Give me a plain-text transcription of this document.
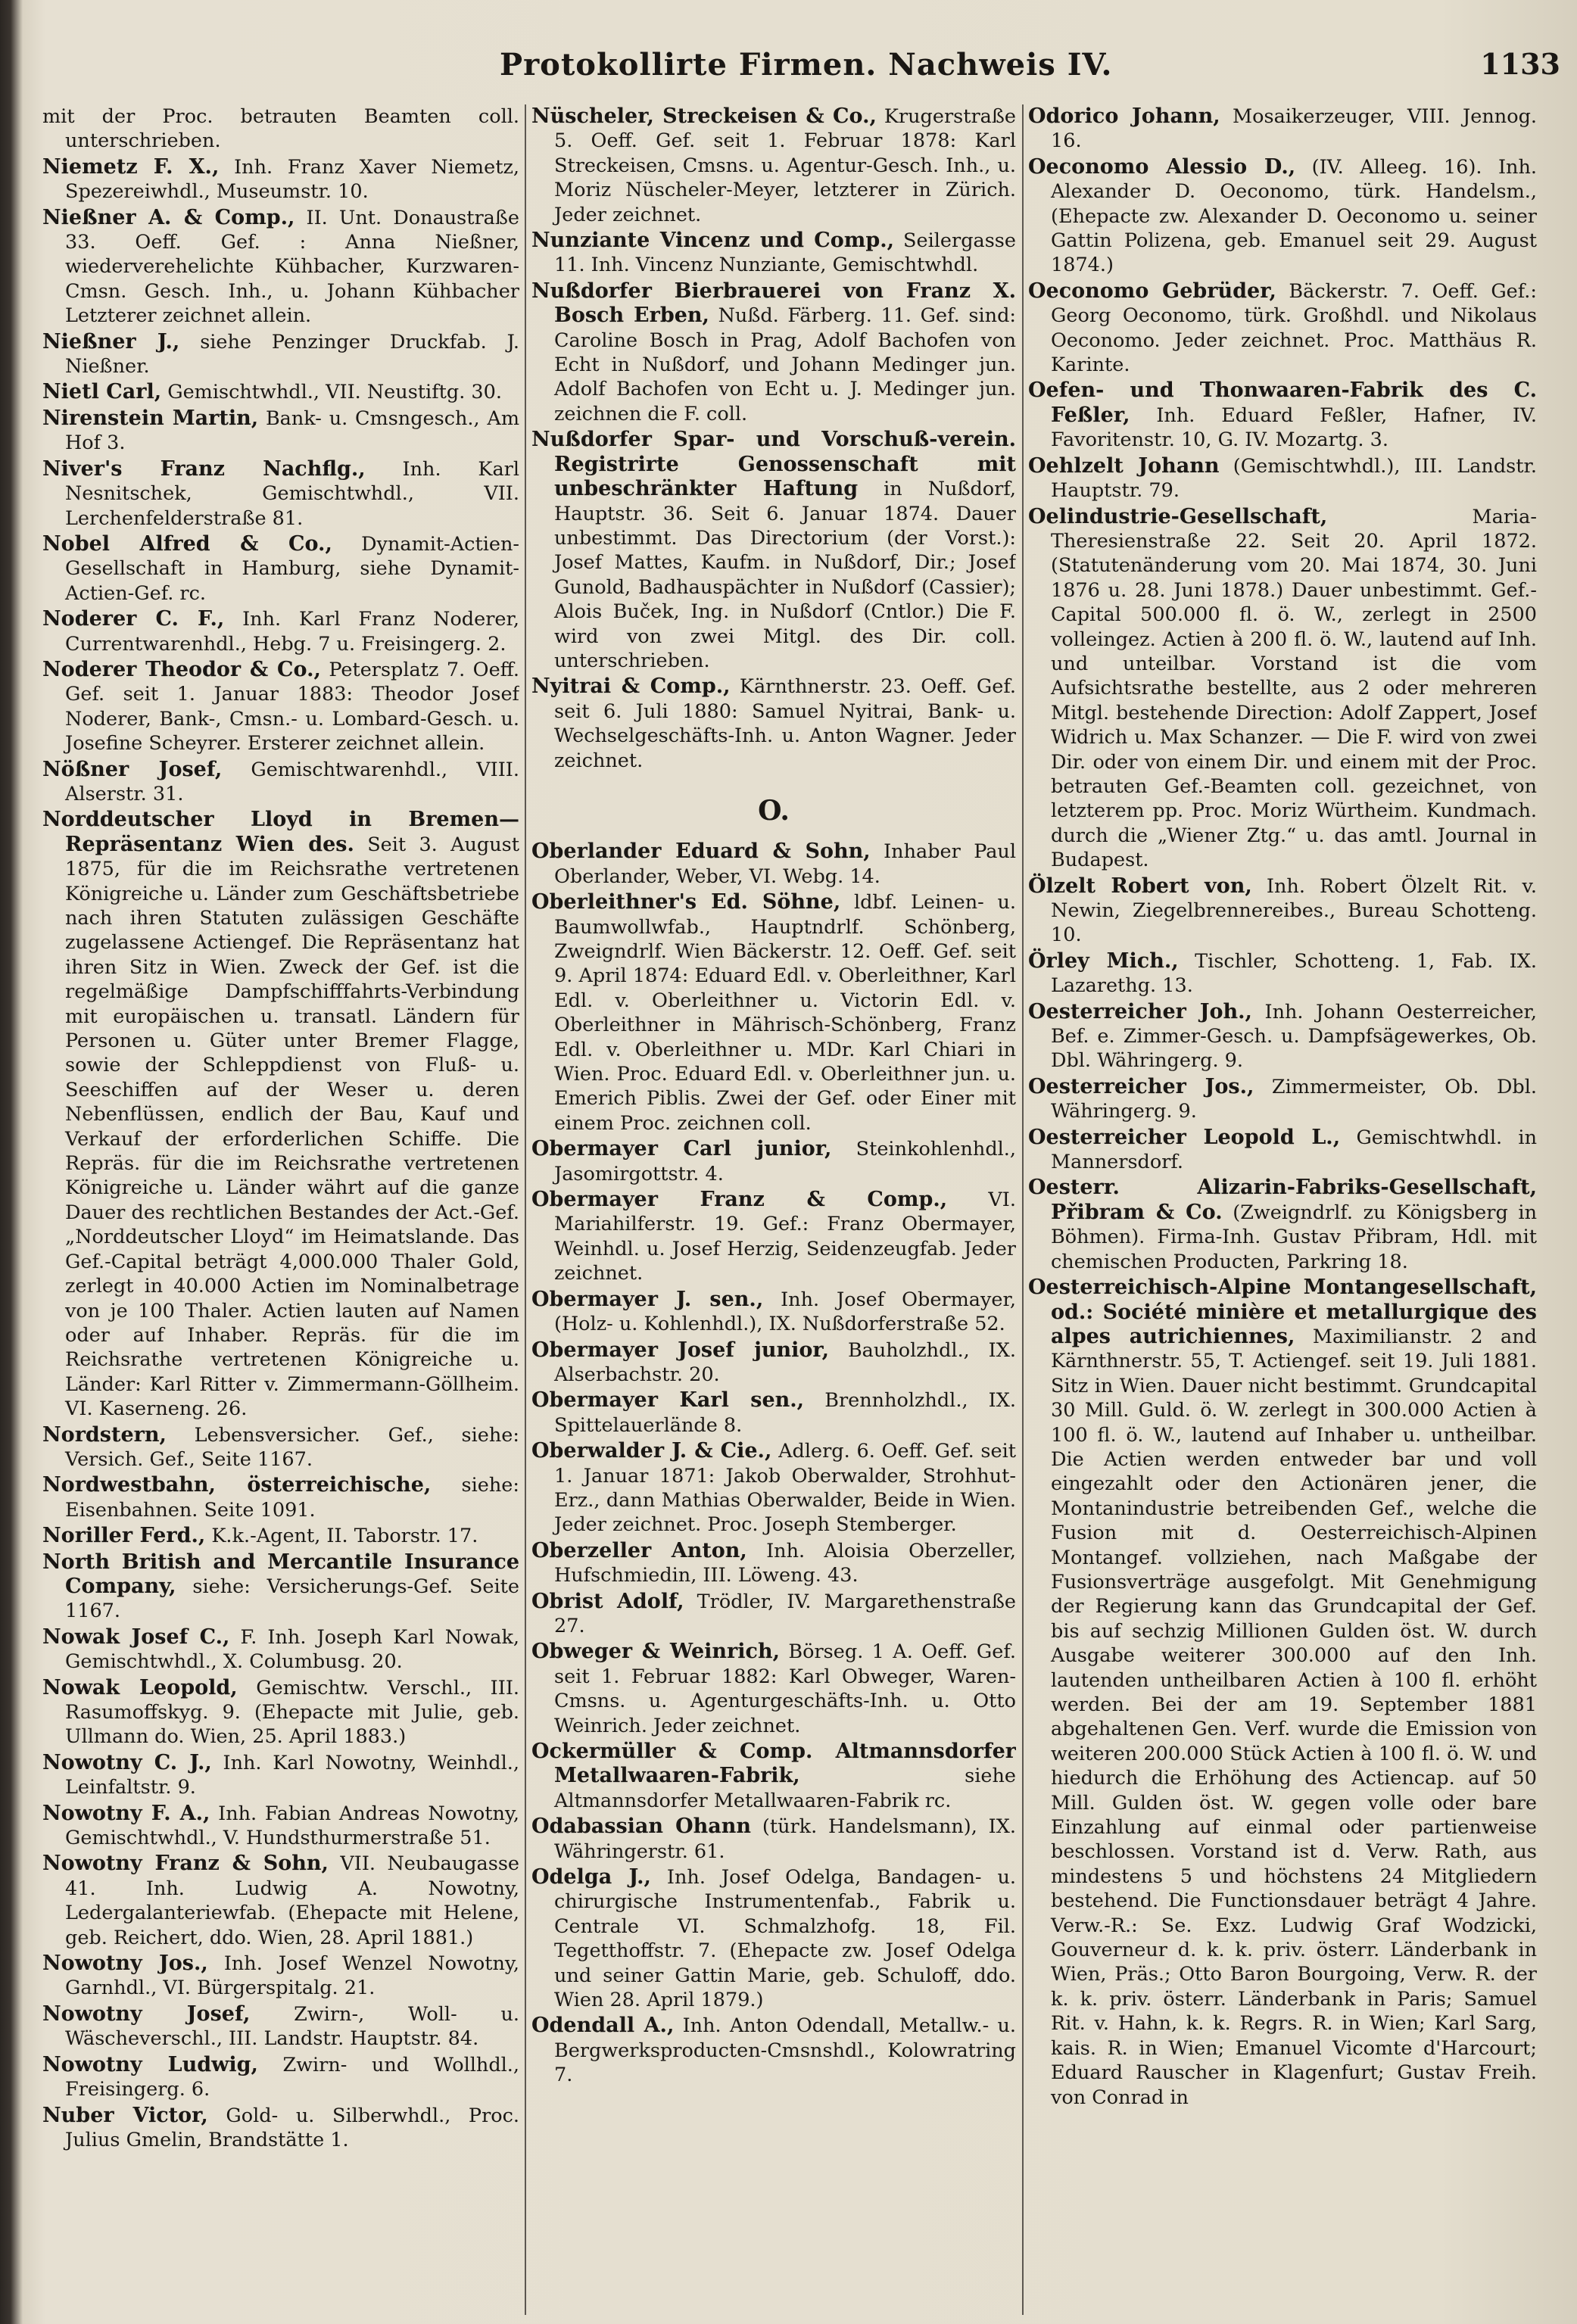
Protokollirte Firmen. Nachweis IV.	1133

mit der Proc. betrauten Beamten coll. unterschrieben.

Niemetz F. X., Inh. Franz Xaver Niemetz, Spezereiwhdl., Museumstr. 10.

Nießner A. & Comp., II. Unt. Donaustraße 33. Oeff. Gef. : Anna Nießner, wiederverehelichte Kühbacher, Kurzwaren-Cmsn. Gesch. Inh., u. Johann Kühbacher Letzterer zeichnet allein.

Nießner J., siehe Penzinger Druckfab. J. Nießner.

Nietl Carl, Gemischtwhdl., VII. Neustiftg. 30.

Nirenstein Martin, Bank- u. Cmsngesch., Am Hof 3.

Niver's Franz Nachflg., Inh. Karl Nesnitschek, Gemischtwhdl., VII. Lerchenfelderstraße 81.

Nobel Alfred & Co., Dynamit-Actien-Gesellschaft in Hamburg, siehe Dynamit-Actien-Gef. rc.

Noderer C. F., Inh. Karl Franz Noderer, Currentwarenhdl., Hebg. 7 u. Freisingerg. 2.

Noderer Theodor & Co., Petersplatz 7. Oeff. Gef. seit 1. Januar 1883: Theodor Josef Noderer, Bank-, Cmsn.- u. Lombard-Gesch. u. Josefine Scheyrer. Ersterer zeichnet allein.

Nößner Josef, Gemischtwarenhdl., VIII. Alserstr. 31.

Norddeutscher Lloyd in Bremen—Repräsentanz Wien des. Seit 3. August 1875, für die im Reichsrathe vertretenen Königreiche u. Länder zum Geschäftsbetriebe nach ihren Statuten zulässigen Geschäfte zugelassene Actiengef. Die Repräsentanz hat ihren Sitz in Wien. Zweck der Gef. ist die regelmäßige Dampfschifffahrts-Verbindung mit europäischen u. transatl. Ländern für Personen u. Güter unter Bremer Flagge, sowie der Schleppdienst von Fluß- u. Seeschiffen auf der Weser u. deren Nebenflüssen, endlich der Bau, Kauf und Verkauf der erforderlichen Schiffe. Die Repräs. für die im Reichsrathe vertretenen Königreiche u. Länder währt auf die ganze Dauer des rechtlichen Bestandes der Act.-Gef. „Norddeutscher Lloyd“ im Heimatslande. Das Gef.-Capital beträgt 4,000.000 Thaler Gold, zerlegt in 40.000 Actien im Nominalbetrage von je 100 Thaler. Actien lauten auf Namen oder auf Inhaber. Repräs. für die im Reichsrathe vertretenen Königreiche u. Länder: Karl Ritter v. Zimmermann-Göllheim. VI. Kaserneng. 26.

Nordstern, Lebensversicher. Gef., siehe: Versich. Gef., Seite 1167.

Nordwestbahn, österreichische, siehe: Eisenbahnen. Seite 1091.

Noriller Ferd., K.k.-Agent, II. Taborstr. 17.

North British and Mercantile Insurance Company, siehe: Versicherungs-Gef. Seite 1167.

Nowak Josef C., F. Inh. Joseph Karl Nowak, Gemischtwhdl., X. Columbusg. 20.

Nowak Leopold, Gemischtw. Verschl., III. Rasumoffskyg. 9. (Ehepacte mit Julie, geb. Ullmann do. Wien, 25. April 1883.)

Nowotny C. J., Inh. Karl Nowotny, Weinhdl., Leinfaltstr. 9.

Nowotny F. A., Inh. Fabian Andreas Nowotny, Gemischtwhdl., V. Hundsthurmerstraße 51.

Nowotny Franz & Sohn, VII. Neubaugasse 41. Inh. Ludwig A. Nowotny, Ledergalanteriewfab. (Ehepacte mit Helene, geb. Reichert, ddo. Wien, 28. April 1881.)

Nowotny Jos., Inh. Josef Wenzel Nowotny, Garnhdl., VI. Bürgerspitalg. 21.

Nowotny Josef, Zwirn-, Woll- u. Wäscheverschl., III. Landstr. Hauptstr. 84.

Nowotny Ludwig, Zwirn- und Wollhdl., Freisingerg. 6.

Nuber Victor, Gold- u. Silberwhdl., Proc. Julius Gmelin, Brandstätte 1.

Nüscheler, Streckeisen & Co., Krugerstraße 5. Oeff. Gef. seit 1. Februar 1878: Karl Streckeisen, Cmsns. u. Agentur-Gesch. Inh., u. Moriz Nüscheler-Meyer, letzterer in Zürich. Jeder zeichnet.

Nunziante Vincenz und Comp., Seilergasse 11. Inh. Vincenz Nunziante, Gemischtwhdl.

Nußdorfer Bierbrauerei von Franz X. Bosch Erben, Nußd. Färberg. 11. Gef. sind: Caroline Bosch in Prag, Adolf Bachofen von Echt in Nußdorf, und Johann Medinger jun. Adolf Bachofen von Echt u. J. Medinger jun. zeichnen die F. coll.

Nußdorfer Spar- und Vorschuß-verein. Registrirte Genossenschaft mit unbeschränkter Haftung in Nußdorf, Hauptstr. 36. Seit 6. Januar 1874. Dauer unbestimmt. Das Directorium (der Vorst.): Josef Mattes, Kaufm. in Nußdorf, Dir.; Josef Gunold, Badhauspächter in Nußdorf (Cassier); Alois Buček, Ing. in Nußdorf (Cntlor.) Die F. wird von zwei Mitgl. des Dir. coll. unterschrieben.

Nyitrai & Comp., Kärnthnerstr. 23. Oeff. Gef. seit 6. Juli 1880: Samuel Nyitrai, Bank- u. Wechselgeschäfts-Inh. u. Anton Wagner. Jeder zeichnet.

O.

Oberlander Eduard & Sohn, Inhaber Paul Oberlander, Weber, VI. Webg. 14.

Oberleithner's Ed. Söhne, ldbf. Leinen- u. Baumwollwfab., Hauptndrlf. Schönberg, Zweigndrlf. Wien Bäckerstr. 12. Oeff. Gef. seit 9. April 1874: Eduard Edl. v. Oberleithner, Karl Edl. v. Oberleithner u. Victorin Edl. v. Oberleithner in Mährisch-Schönberg, Franz Edl. v. Oberleithner u. MDr. Karl Chiari in Wien. Proc. Eduard Edl. v. Oberleithner jun. u. Emerich Piblis. Zwei der Gef. oder Einer mit einem Proc. zeichnen coll.

Obermayer Carl junior, Steinkohlenhdl., Jasomirgottstr. 4.

Obermayer Franz & Comp., VI. Mariahilferstr. 19. Gef.: Franz Obermayer, Weinhdl. u. Josef Herzig, Seidenzeugfab. Jeder zeichnet.

Obermayer J. sen., Inh. Josef Obermayer, (Holz- u. Kohlenhdl.), IX. Nußdorferstraße 52.

Obermayer Josef junior, Bauholzhdl., IX. Alserbachstr. 20.

Obermayer Karl sen., Brennholzhdl., IX. Spittelauerlände 8.

Oberwalder J. & Cie., Adlerg. 6. Oeff. Gef. seit 1. Januar 1871: Jakob Oberwalder, Strohhut-Erz., dann Mathias Oberwalder, Beide in Wien. Jeder zeichnet. Proc. Joseph Stemberger.

Oberzeller Anton, Inh. Aloisia Oberzeller, Hufschmiedin, III. Löweng. 43.

Obrist Adolf, Trödler, IV. Margarethenstraße 27.

Obweger & Weinrich, Börseg. 1 A. Oeff. Gef. seit 1. Februar 1882: Karl Obweger, Waren-Cmsns. u. Agenturgeschäfts-Inh. u. Otto Weinrich. Jeder zeichnet.

Ockermüller & Comp. Altmannsdorfer Metallwaaren-Fabrik,	siehe Altmannsdorfer Metallwaaren-Fabrik rc.

Odabassian Ohann (türk. Handelsmann), IX. Währingerstr. 61.

Odelga J., Inh. Josef Odelga, Bandagen- u. chirurgische Instrumentenfab., Fabrik u. Centrale VI. Schmalzhofg. 18, Fil. Tegetthoffstr. 7. (Ehepacte zw. Josef Odelga und seiner Gattin Marie, geb. Schuloff, ddo. Wien 28. April 1879.)

Odendall A., Inh. Anton Odendall, Metallw.- u. Bergwerksproducten-Cmsnshdl., Kolowratring 7.

Odorico Johann, Mosaikerzeuger, VIII. Jennog. 16.

Oeconomo Alessio D., (IV. Alleeg. 16). Inh. Alexander D. Oeconomo, türk. Handelsm., (Ehepacte zw. Alexander D. Oeconomo u. seiner Gattin Polizena, geb. Emanuel seit 29. August 1874.)

Oeconomo Gebrüder, Bäckerstr. 7. Oeff. Gef.: Georg Oeconomo, türk. Großhdl. und Nikolaus Oeconomo. Jeder zeichnet. Proc. Matthäus R. Karinte.

Oefen- und Thonwaaren-Fabrik des C. Feßler, Inh. Eduard Feßler, Hafner, IV. Favoritenstr. 10, G. IV. Mozartg. 3.

Oehlzelt Johann (Gemischtwhdl.), III. Landstr. Hauptstr. 79.

Oelindustrie-Gesellschaft,	Maria-Theresienstraße 22. Seit 20. April 1872. (Statutenänderung vom 20. Mai 1874, 30. Juni 1876 u. 28. Juni 1878.) Dauer unbestimmt. Gef.-Capital 500.000 fl. ö. W., zerlegt in 2500 volleingez. Actien à 200 fl. ö. W., lautend auf Inh. und unteilbar. Vorstand ist die vom Aufsichtsrathe bestellte, aus 2 oder mehreren Mitgl. bestehende Direction: Adolf Zappert, Josef Widrich u. Max Schanzer. — Die F. wird von zwei Dir. oder von einem Dir. und einem mit der Proc. betrauten Gef.-Beamten coll. gezeichnet, von letzterem pp. Proc. Moriz Würtheim. Kundmach. durch die „Wiener Ztg.“ u. das amtl. Journal in Budapest.

Ölzelt Robert von, Inh. Robert Ölzelt Rit. v. Newin, Ziegelbrennereibes., Bureau Schotteng. 10.

Örley Mich., Tischler, Schotteng. 1, Fab. IX. Lazarethg. 13.

Oesterreicher Joh., Inh. Johann Oesterreicher, Bef. e. Zimmer-Gesch. u. Dampfsägewerkes, Ob. Dbl. Währingerg. 9.

Oesterreicher Jos., Zimmermeister, Ob. Dbl. Währingerg. 9.

Oesterreicher Leopold L., Gemischtwhdl. in Mannersdorf.

Oesterr. Alizarin-Fabriks-Gesellschaft, Přibram & Co. (Zweigndrlf. zu Königsberg in Böhmen). Firma-Inh. Gustav Přibram, Hdl. mit chemischen Producten, Parkring 18.

Oesterreichisch-Alpine Montangesellschaft, od.: Société minière et metallurgique des alpes autrichiennes, Maximilianstr. 2 and Kärnthnerstr. 55, T. Actiengef. seit 19. Juli 1881. Sitz in Wien. Dauer nicht bestimmt. Grundcapital 30 Mill. Guld. ö. W. zerlegt in 300.000 Actien à 100 fl. ö. W., lautend auf Inhaber u. untheilbar. Die Actien werden entweder bar und voll eingezahlt oder den Actionären jener, die Montanindustrie betreibenden Gef., welche die Fusion mit d. Oesterreichisch-Alpinen Montangef. vollziehen, nach Maßgabe der Fusionsverträge ausgefolgt. Mit Genehmigung der Regierung kann das Grundcapital der Gef. bis auf sechzig Millionen Gulden öst. W. durch Ausgabe weiterer 300.000 auf den Inh. lautenden untheilbaren Actien à 100 fl. erhöht werden. Bei der am 19. September 1881 abgehaltenen Gen. Verf. wurde die Emission von weiteren 200.000 Stück Actien à 100 fl. ö. W. und hiedurch die Erhöhung des Actiencap. auf 50 Mill. Gulden öst. W. gegen volle oder bare Einzahlung auf einmal oder partienweise beschlossen. Vorstand ist d. Verw. Rath, aus mindestens 5 und höchstens 24 Mitgliedern bestehend. Die Functionsdauer beträgt 4 Jahre. Verw.-R.: Se. Exz. Ludwig Graf Wodzicki, Gouverneur d. k. k. priv. österr. Länderbank in Wien, Präs.; Otto Baron Bourgoing, Verw. R. der k. k. priv. österr. Länderbank in Paris; Samuel Rit. v. Hahn, k. k. Regrs. R. in Wien; Karl Sarg, kais. R. in Wien; Emanuel Vicomte d'Harcourt; Eduard Rauscher in Klagenfurt; Gustav Freih. von Conrad in
